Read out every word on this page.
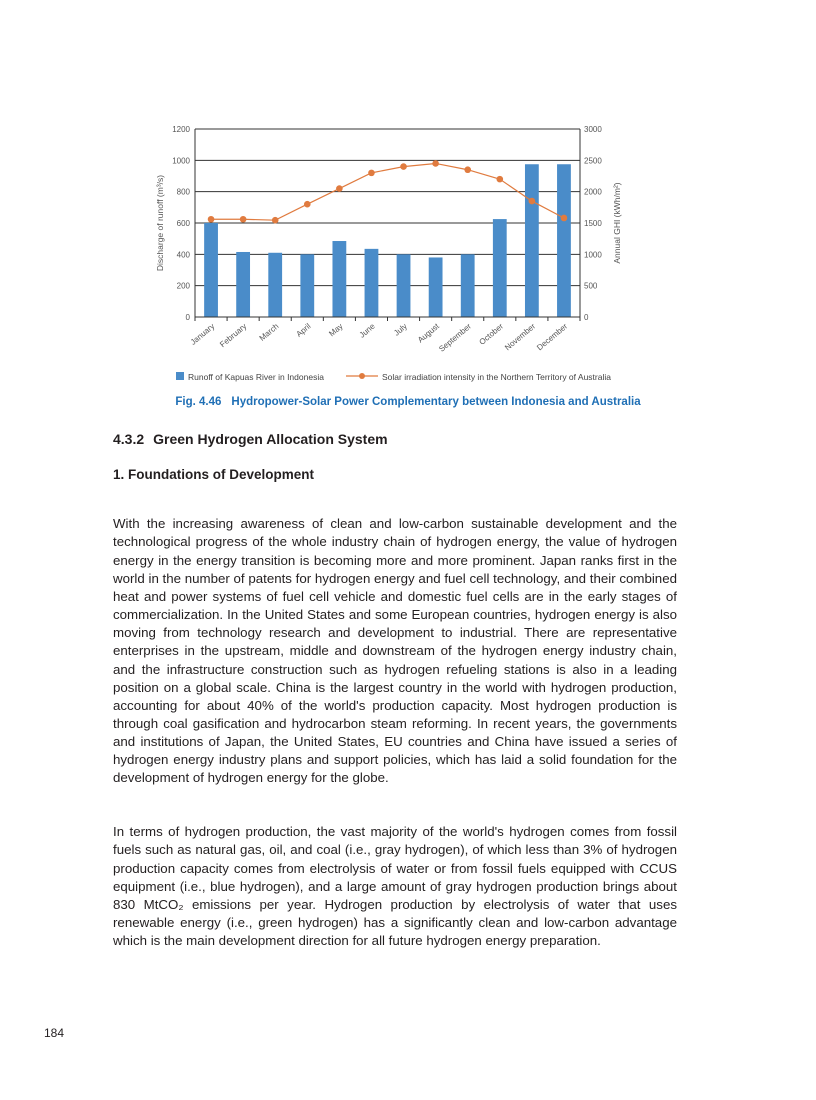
0
200
400
600
800
1000
1200
0
500
1000
1500
2000
2500
3000
January February March April May June July August
September October
November
December
Discharge of runoff (m³/s)	Annual GHI (kWh/m²)
Runoff of Kapuas River in Indonesia	Solar irradiation intensity in the Northern Territory of Australia
Fig. 4.46 Hydropower-Solar Power Complementary between Indonesia and Australia
4.3.2 Green Hydrogen Allocation System
1. Foundations of Development

With the increasing awareness of clean and low-carbon sustainable development and the technological progress of the whole industry chain of hydrogen energy, the value of hydrogen energy in the energy transition is becoming more and more prominent. Japan ranks first in the world in the number of patents for hydrogen energy and fuel cell technology, and their combined heat and power systems of fuel cell vehicle and domestic fuel cells are in the early stages of commercialization. In the United States and some European countries, hydrogen energy is also moving from technology research and development to industrial. There are representative enterprises in the upstream, middle and downstream of the hydrogen energy industry chain, and the infrastructure construction such as hydrogen refueling stations is also in a leading position on a global scale. China is the largest country in the world with hydrogen production, accounting for about 40% of the world's production capacity. Most hydrogen production is through coal gasification and hydrocarbon steam reforming. In recent years, the governments and institutions of Japan, the United States, EU countries and China have issued a series of hydrogen energy industry plans and support policies, which has laid a solid foundation for the development of hydrogen energy for the globe.

In terms of hydrogen production, the vast majority of the world's hydrogen comes from fossil fuels such as natural gas, oil, and coal (i.e., gray hydrogen), of which less than 3% of hydrogen production capacity comes from electrolysis of water or from fossil fuels equipped with CCUS equipment (i.e., blue hydrogen), and a large amount of gray hydrogen production brings about 830 MtCO₂ emissions per year. Hydrogen production by electrolysis of water that uses renewable energy (i.e., green hydrogen) has a significantly clean and low-carbon advantage which is the main development direction for all future hydrogen energy preparation.

184
